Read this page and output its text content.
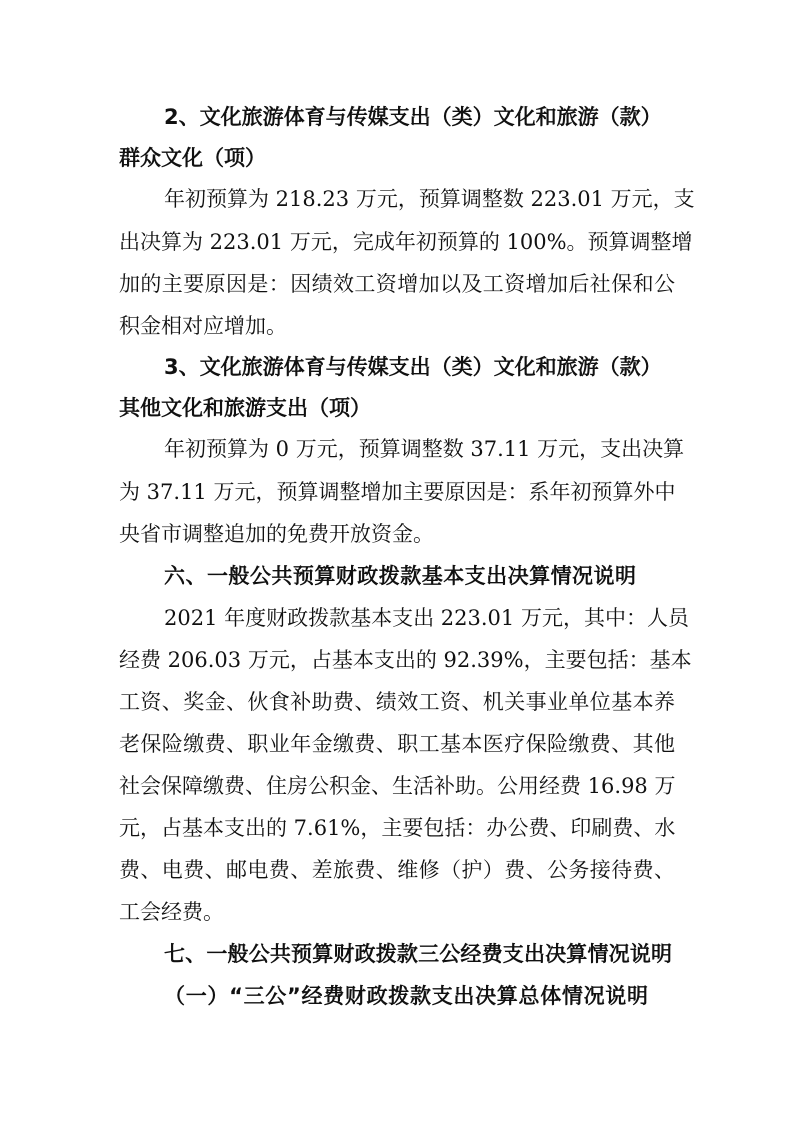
2、文化旅游体育与传媒支出（类）文化和旅游（款）
群众文化（项）
年初预算为 218.23 万元，预算调整数 223.01 万元，支
出决算为 223.01 万元，完成年初预算的 100%。预算调整增
加的主要原因是：因绩效工资增加以及工资增加后社保和公
积金相对应增加。
3、文化旅游体育与传媒支出（类）文化和旅游（款）
其他文化和旅游支出（项）
年初预算为 0 万元，预算调整数 37.11 万元，支出决算
为 37.11 万元，预算调整增加主要原因是：系年初预算外中
央省市调整追加的免费开放资金。
六、一般公共预算财政拨款基本支出决算情况说明
2021 年度财政拨款基本支出 223.01 万元，其中：人员
经费 206.03 万元，占基本支出的 92.39%，主要包括：基本
工资、奖金、伙食补助费、绩效工资、机关事业单位基本养
老保险缴费、职业年金缴费、职工基本医疗保险缴费、其他
社会保障缴费、住房公积金、生活补助。公用经费 16.98 万
元，占基本支出的 7.61%，主要包括：办公费、印刷费、水
费、电费、邮电费、差旅费、维修（护）费、公务接待费、
工会经费。
七、一般公共预算财政拨款三公经费支出决算情况说明
（一）“三公”经费财政拨款支出决算总体情况说明
